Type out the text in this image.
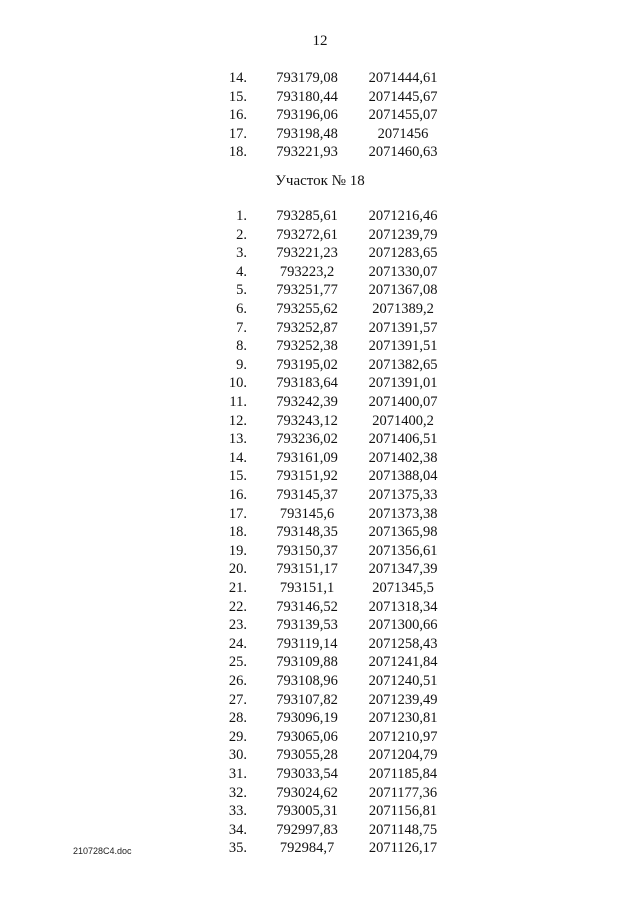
12
14.	793179,08	2071444,61
15.	793180,44	2071445,67
16.	793196,06	2071455,07
17.	793198,48	2071456
18.	793221,93	2071460,63
Участок № 18
1.	793285,61	2071216,46
2.	793272,61	2071239,79
3.	793221,23	2071283,65
4.	793223,2	2071330,07
5.	793251,77	2071367,08
6.	793255,62	2071389,2
7.	793252,87	2071391,57
8.	793252,38	2071391,51
9.	793195,02	2071382,65
10.	793183,64	2071391,01
11.	793242,39	2071400,07
12.	793243,12	2071400,2
13.	793236,02	2071406,51
14.	793161,09	2071402,38
15.	793151,92	2071388,04
16.	793145,37	2071375,33
17.	793145,6	2071373,38
18.	793148,35	2071365,98
19.	793150,37	2071356,61
20.	793151,17	2071347,39
21.	793151,1	2071345,5
22.	793146,52	2071318,34
23.	793139,53	2071300,66
24.	793119,14	2071258,43
25.	793109,88	2071241,84
26.	793108,96	2071240,51
27.	793107,82	2071239,49
28.	793096,19	2071230,81
29.	793065,06	2071210,97
30.	793055,28	2071204,79
31.	793033,54	2071185,84
32.	793024,62	2071177,36
33.	793005,31	2071156,81
34.	792997,83	2071148,75
35.	792984,7	2071126,17
210728C4.doc
